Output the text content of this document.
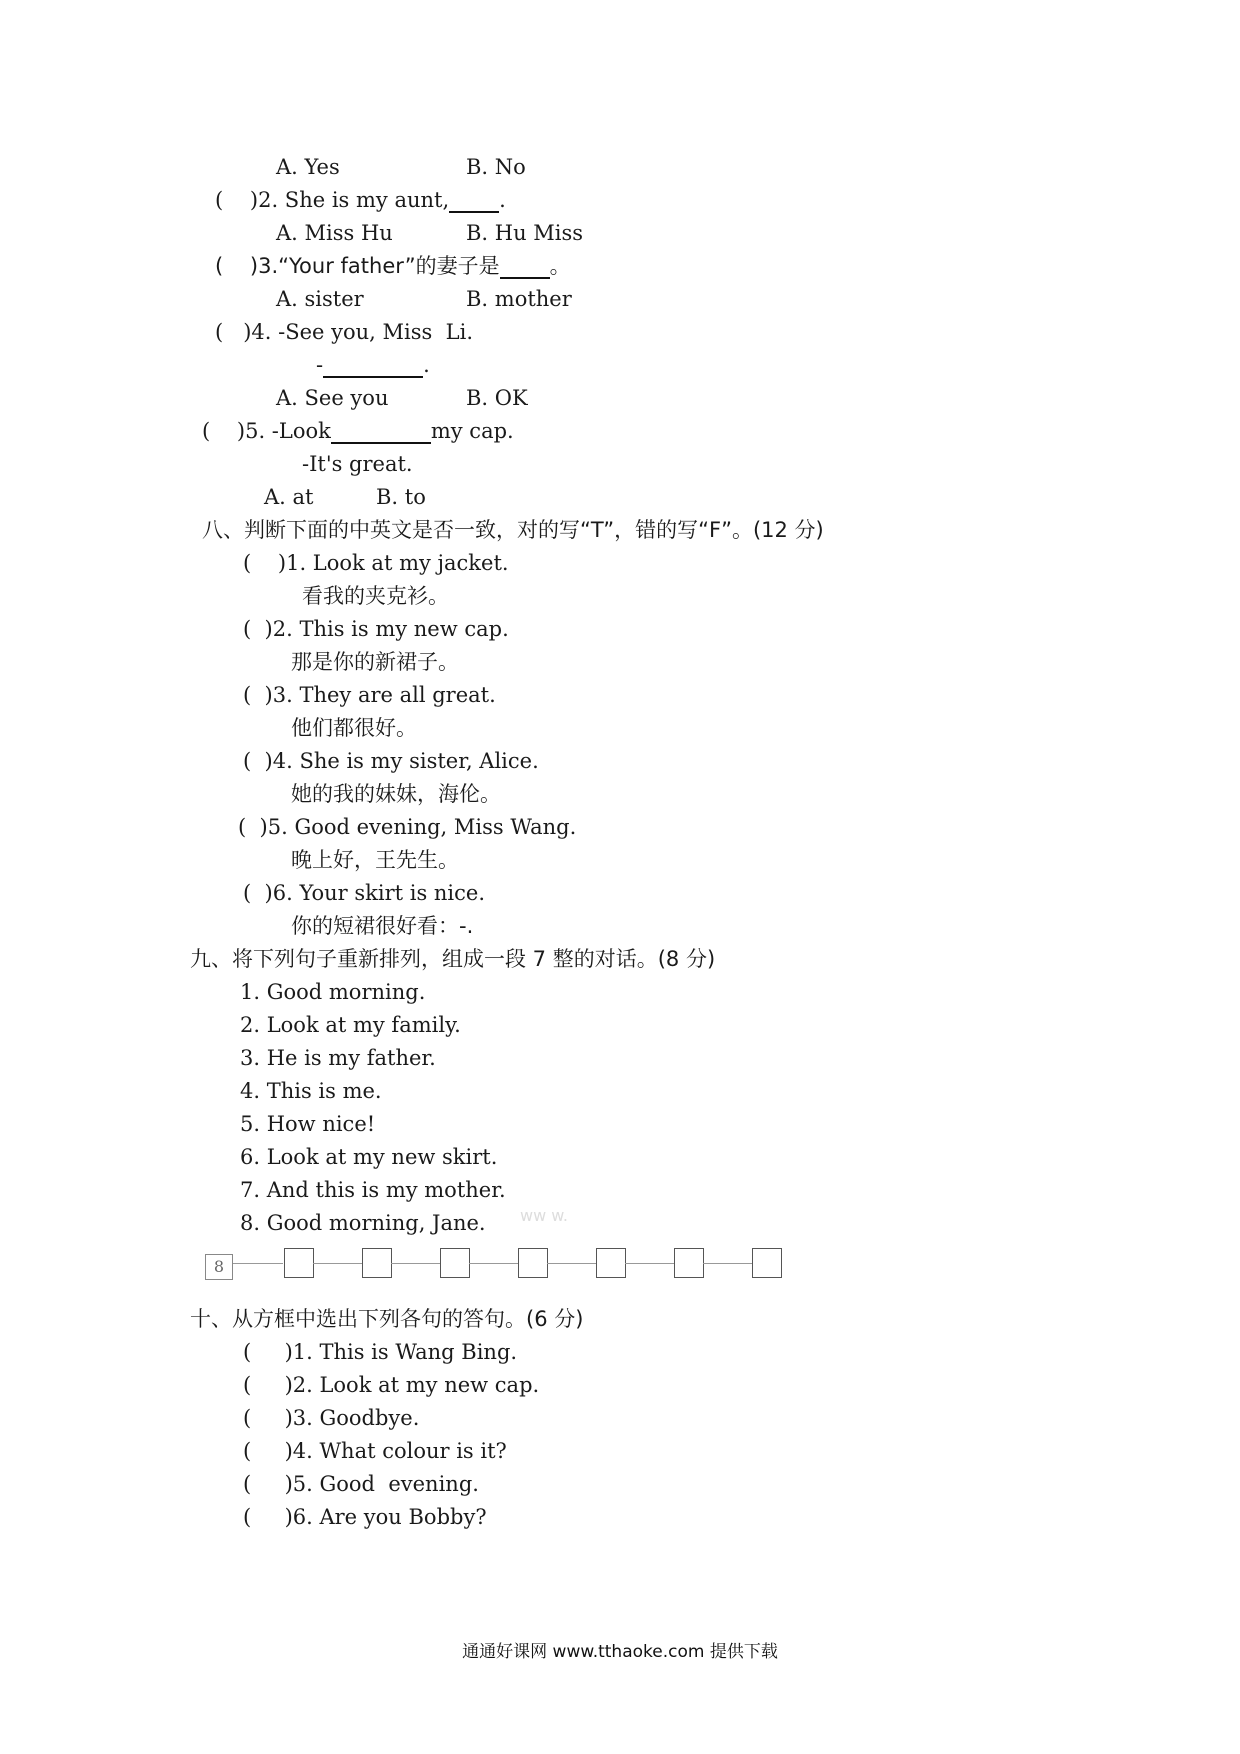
A. Yes	B. No
(    )2. She is my aunt, .
A. Miss Hu	B. Hu Miss
(    )3.“Your father”的妻子是 。
A. sister	B. mother
(   )4. -See you, Miss  Li.
-	.
A. See you	B. OK
(    )5. -Look	my cap.
-It's great.
A. at	B. to
八、判断下面的中英文是否一致，对的写“T”，错的写“F”。(12 分)
(    )1. Look at my jacket.
看我的夹克衫。
(  )2. This is my new cap.
那是你的新裙子。
(  )3. They are all great.
他们都很好。
(  )4. She is my sister, Alice.
她的我的妹妹，海伦。
(  )5. Good evening, Miss Wang.
晚上好，王先生。
(  )6. Your skirt is nice.
你的短裙很好看：-.
九、将下列句子重新排列，组成一段 7 整的对话。(8 分)
1. Good morning.
2. Look at my family.
3. He is my father.
4. This is me.
5. How nice!
6. Look at my new skirt.
7. And this is my mother.
8. Good morning, Jane. ww w.
8
十、从方框中选出下列各句的答句。(6 分)
(     )1. This is Wang Bing.
(     )2. Look at my new cap.
(     )3. Goodbye.
(     )4. What colour is it?
(     )5. Good  evening.
(     )6. Are you Bobby?
通通好课网 www.tthaoke.com 提供下载
